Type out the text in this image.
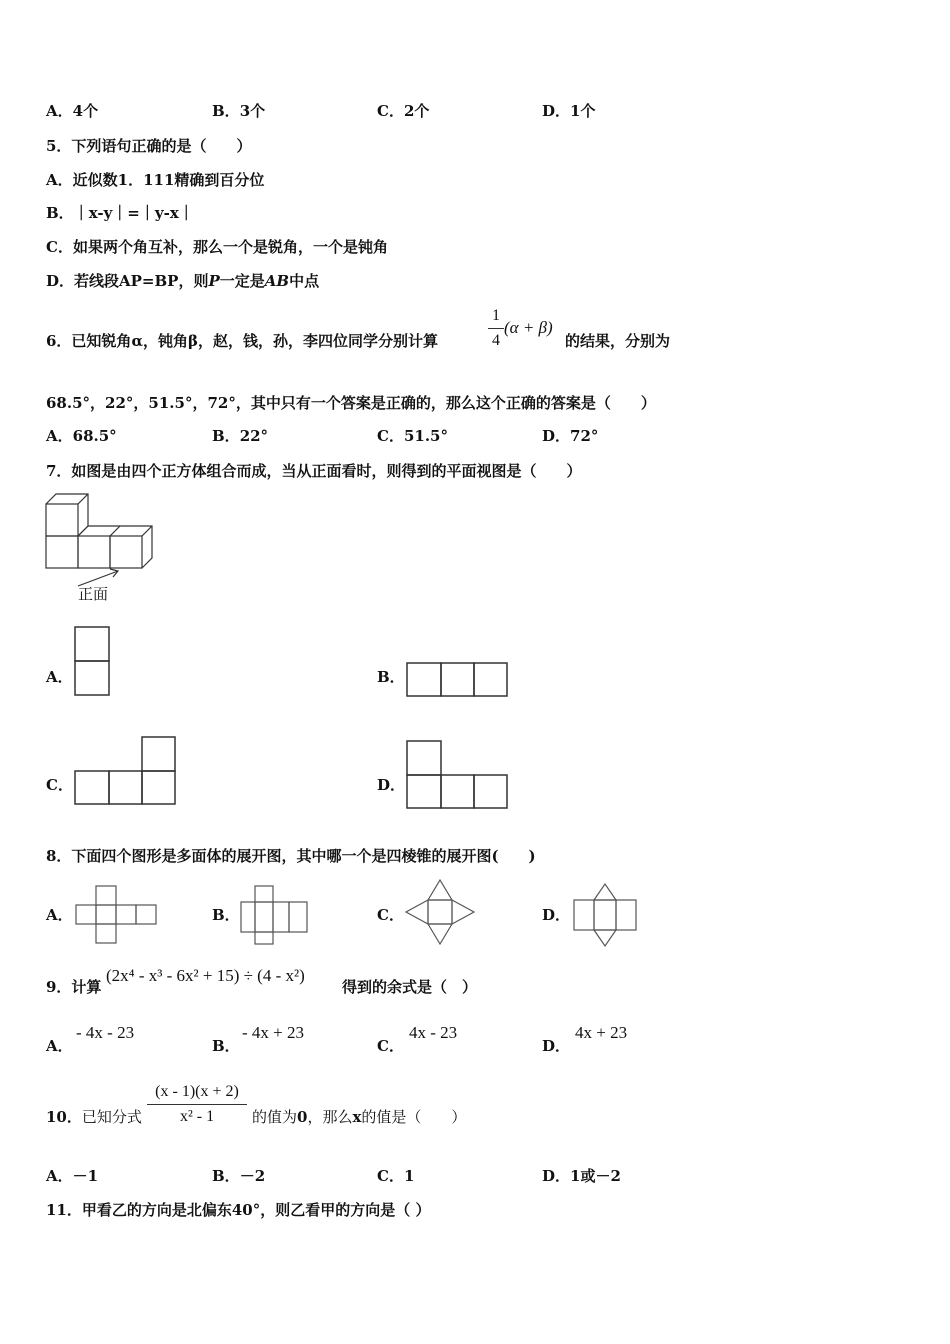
A．4个	B．3个	C．2个	D．1个
5．下列语句正确的是（　　）
A．近似数1．111精确到百分位
B．｜x-y｜=｜y-x｜
C．如果两个角互补，那么一个是锐角，一个是钝角
D．若线段AP=BP，则P一定是AB中点
6．已知锐角α，钝角β，赵，钱，孙，李四位同学分别计算
1
4
(α + β)
的结果，分别为
68.5°，22°，51.5°，72°，其中只有一个答案是正确的，那么这个正确的答案是（　　）
A．68.5°	B．22°	C．51.5°	D．72°
7．如图是由四个正方体组合而成，当从正面看时，则得到的平面视图是（　　）
正面
A．	B．
C．	D．
8．下面四个图形是多面体的展开图，其中哪一个是四棱锥的展开图(　　)
A．	B．	C．	D．
9．计算
(2x⁴ - x³ - 6x² + 15) ÷ (4 - x²)
得到的余式是（　）
A．
- 4x - 23
B．
- 4x + 23
C．
4x - 23
D．
4x + 23
10．已知分式
(x - 1)(x + 2)
x² - 1	的值为0，那么x的值是（　　）
A．－1	B．－2	C．1	D．1或－2
11．甲看乙的方向是北偏东40°，则乙看甲的方向是（ ）
